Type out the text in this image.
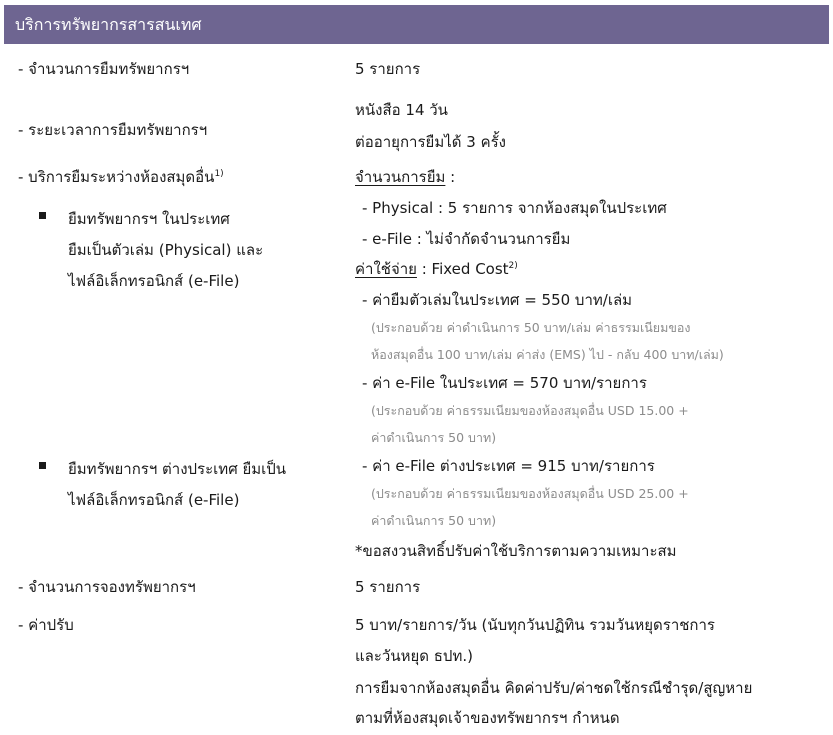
บริการทรัพยากรสารสนเทศ
- จำนวนการยืมทรัพยากรฯ
- ระยะเวลาการยืมทรัพยากรฯ
- บริการยืมระหว่างห้องสมุดอื่น$^{1)}$
ยืมทรัพยากรฯ ในประเทศ
ยืมเป็นตัวเล่ม (Physical) และ
ไฟล์อิเล็กทรอนิกส์ (e-File)
ยืมทรัพยากรฯ ต่างประเทศ ยืมเป็น
ไฟล์อิเล็กทรอนิกส์ (e-File)
- จำนวนการจองทรัพยากรฯ
- ค่าปรับ
5 รายการ
หนังสือ 14 วัน
ต่ออายุการยืมได้ 3 ครั้ง
จำนวนการยืม :
- Physical : 5 รายการ จากห้องสมุดในประเทศ
- e-File : ไม่จำกัดจำนวนการยืม
ค่าใช้จ่าย : Fixed Cost$^{2)}$
- ค่ายืมตัวเล่มในประเทศ = 550 บาท/เล่ม
(ประกอบด้วย ค่าดำเนินการ 50 บาท/เล่ม ค่าธรรมเนียมของ
ห้องสมุดอื่น 100 บาท/เล่ม ค่าส่ง (EMS) ไป - กลับ 400 บาท/เล่ม)
- ค่า e-File ในประเทศ = 570 บาท/รายการ
(ประกอบด้วย ค่าธรรมเนียมของห้องสมุดอื่น USD 15.00 +
ค่าดำเนินการ 50 บาท)
- ค่า e-File ต่างประเทศ = 915 บาท/รายการ
(ประกอบด้วย ค่าธรรมเนียมของห้องสมุดอื่น USD 25.00 +
ค่าดำเนินการ 50 บาท)
*ขอสงวนสิทธิ์ปรับค่าใช้บริการตามความเหมาะสม
5 รายการ
5 บาท/รายการ/วัน (นับทุกวันปฏิทิน รวมวันหยุดราชการ
และวันหยุด ธปท.)
การยืมจากห้องสมุดอื่น คิดค่าปรับ/ค่าชดใช้กรณีชำรุด/สูญหาย
ตามที่ห้องสมุดเจ้าของทรัพยากรฯ กำหนด
